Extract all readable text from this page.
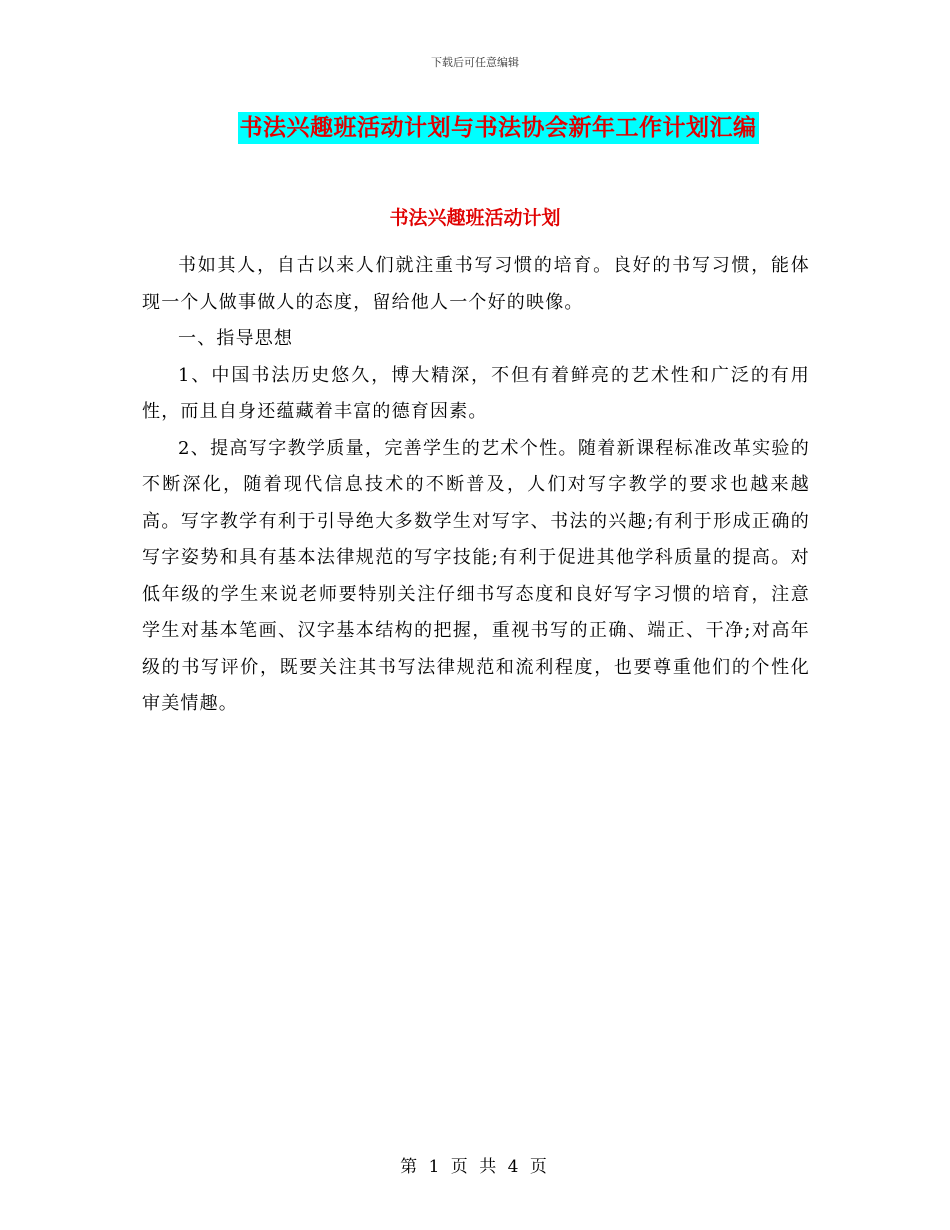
下载后可任意编辑
书法兴趣班活动计划与书法协会新年工作计划汇编
书法兴趣班活动计划

书如其人，自古以来人们就注重书写习惯的培育。良好的书写习惯，能体现一个人做事做人的态度，留给他人一个好的映像。

一、指导思想

1、中国书法历史悠久，博大精深，不但有着鲜亮的艺术性和广泛的有用性，而且自身还蕴藏着丰富的德育因素。

2、提高写字教学质量，完善学生的艺术个性。随着新课程标准改革实验的不断深化，随着现代信息技术的不断普及，人们对写字教学的要求也越来越高。写字教学有利于引导绝大多数学生对写字、书法的兴趣;有利于形成正确的写字姿势和具有基本法律规范的写字技能;有利于促进其他学科质量的提高。对低年级的学生来说老师要特别关注仔细书写态度和良好写字习惯的培育，注意学生对基本笔画、汉字基本结构的把握，重视书写的正确、端正、干净;对高年级的书写评价，既要关注其书写法律规范和流利程度，也要尊重他们的个性化审美情趣。

第 1 页 共 4 页
